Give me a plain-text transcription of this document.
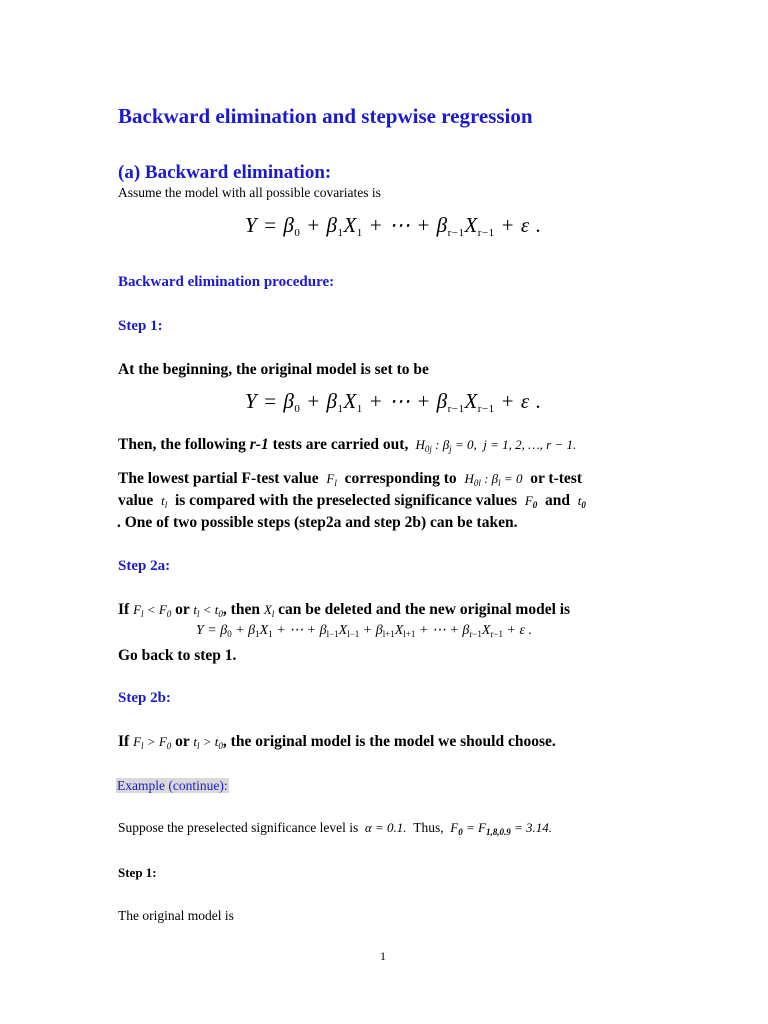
Backward elimination and stepwise regression
(a) Backward elimination:
Assume the model with all possible covariates is
$Y = \beta_0 + \beta_1X_1$ + ⋯ + $\beta_{r-1}X_{r-1} + \varepsilon$ .
Backward elimination procedure:
Step 1:
At the beginning, the original model is set to be
$Y = \beta_0 + \beta_1X_1$ + ⋯ + $\beta_{r-1}X_{r-1} + \varepsilon$ .
Then, the following r-1 tests are carried out,  $H_{0j}$ : $\beta_j = 0$,  j = 1, 2, …, r − 1.
The lowest partial F-test value $F_l$ corresponding to $H_{0l}$ : $\beta_l = 0$ or t-test
value $t_l$ is compared with the preselected significance values $F_0$ and $t_0$
. One of two possible steps (step2a and step 2b) can be taken.
Step 2a:
If $F_l < F_0$ or $t_l < t_0$, then $X_l$ can be deleted and the new original model is
$Y = \beta_0 + \beta_1X_1$ + ⋯ + $\beta_{l-1}X_{l-1} + \beta_{l+1}X_{l+1}$ + ⋯ + $\beta_{r-1}X_{r-1} + \varepsilon$ .
Go back to step 1.
Step 2b:
If $F_l > F_0$ or $t_l > t_0$, the original model is the model we should choose.
Example (continue):
Suppose the preselected significance level is  α = 0.1. Thus,  $F_0 = F_{1,8,0.9} = 3.14$.
Step 1:
The original model is
1
